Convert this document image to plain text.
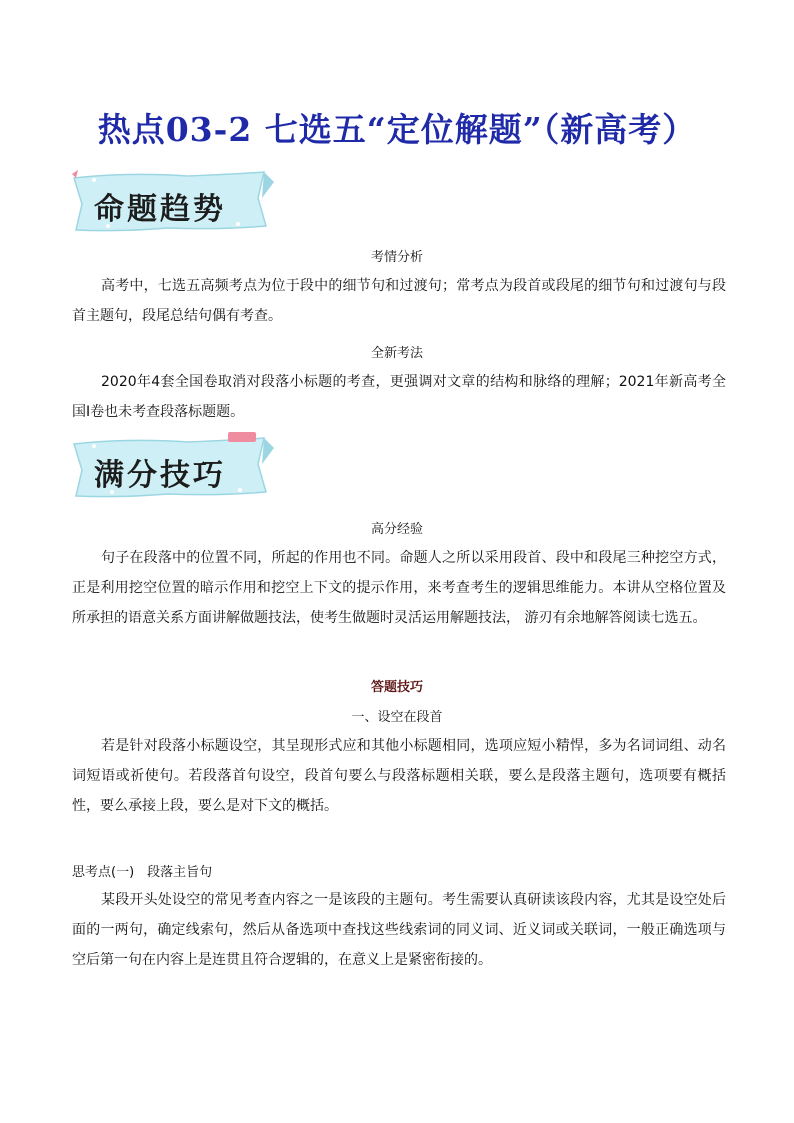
热点03-2 七选五“定位解题”（新高考）
命题趋势
考情分析
高考中，七选五高频考点为位于段中的细节句和过渡句；常考点为段首或段尾的细节句和过渡句与段首主题句，段尾总结句偶有考查。
全新考法
2020年4套全国卷取消对段落小标题的考查，更强调对文章的结构和脉络的理解；2021年新高考全国Ⅰ卷也未考查段落标题题。
满分技巧
高分经验
句子在段落中的位置不同，所起的作用也不同。命题人之所以采用段首、段中和段尾三种挖空方式，正是利用挖空位置的暗示作用和挖空上下文的提示作用，来考查考生的逻辑思维能力。本讲从空格位置及所承担的语意关系方面讲解做题技法，使考生做题时灵活运用解题技法， 游刃有余地解答阅读七选五。
答题技巧
一、设空在段首
若是针对段落小标题设空，其呈现形式应和其他小标题相同，选项应短小精悍，多为名词词组、动名词短语或祈使句。若段落首句设空，段首句要么与段落标题相关联，要么是段落主题句，选项要有概括性，要么承接上段，要么是对下文的概括。
思考点(一)　段落主旨句
某段开头处设空的常见考查内容之一是该段的主题句。考生需要认真研读该段内容，尤其是设空处后面的一两句，确定线索句，然后从备选项中查找这些线索词的同义词、近义词或关联词，一般正确选项与空后第一句在内容上是连贯且符合逻辑的，在意义上是紧密衔接的。
